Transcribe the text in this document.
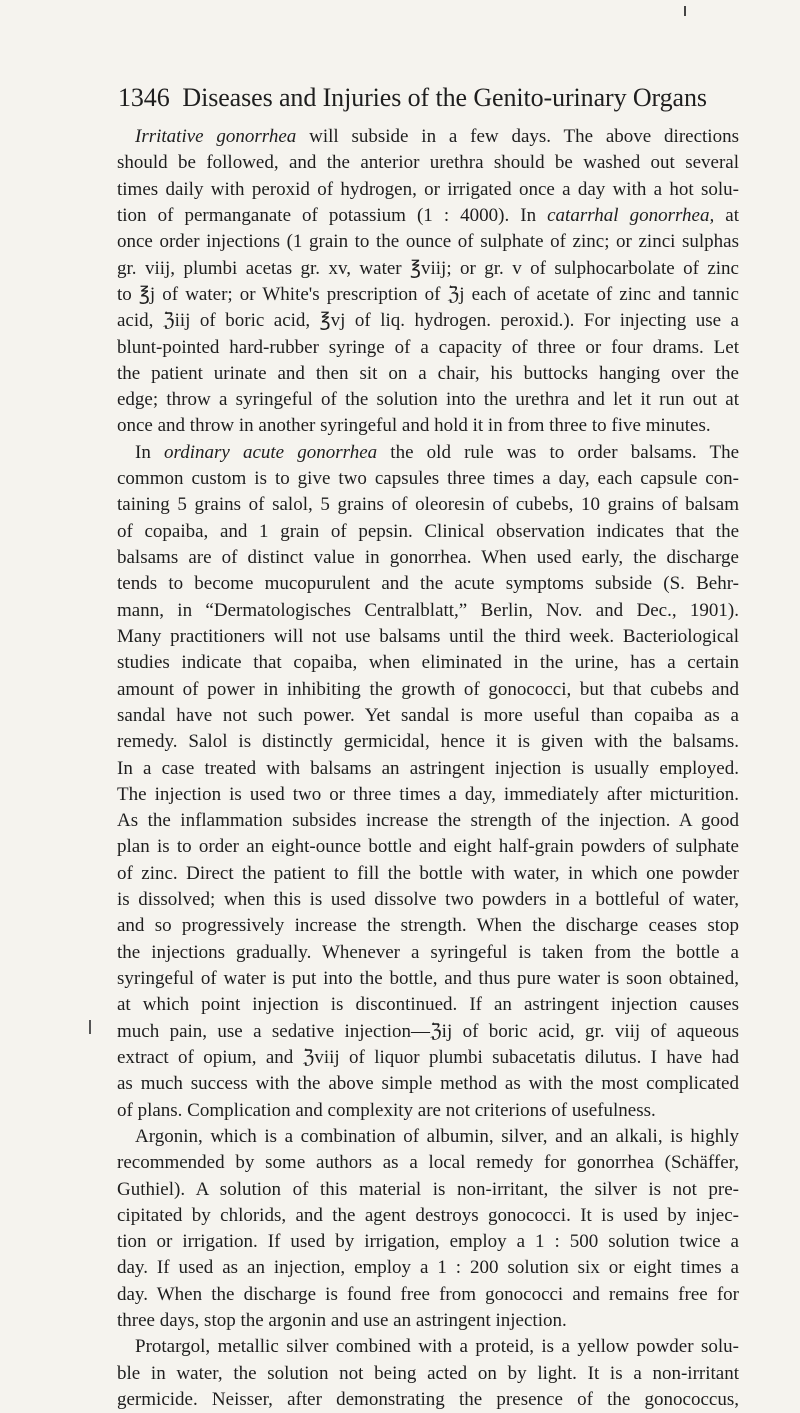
1346 Diseases and Injuries of the Genito-urinary Organs
Irritative gonorrhea will subside in a few days. The above directions
should be followed, and the anterior urethra should be washed out several
times daily with peroxid of hydrogen, or irrigated once a day with a hot solu-
tion of permanganate of potassium (1 : 4000). In catarrhal gonorrhea, at
once order injections (1 grain to the ounce of sulphate of zinc; or zinci sulphas
gr. viij, plumbi acetas gr. xv, water ℥viij; or gr. v of sulphocarbolate of zinc
to ℥j of water; or White's prescription of ℨj each of acetate of zinc and tannic
acid, ℨiij of boric acid, ℥vj of liq. hydrogen. peroxid.). For injecting use a
blunt-pointed hard-rubber syringe of a capacity of three or four drams. Let
the patient urinate and then sit on a chair, his buttocks hanging over the
edge; throw a syringeful of the solution into the urethra and let it run out at
once and throw in another syringeful and hold it in from three to five minutes.
In ordinary acute gonorrhea the old rule was to order balsams. The
common custom is to give two capsules three times a day, each capsule con-
taining 5 grains of salol, 5 grains of oleoresin of cubebs, 10 grains of balsam
of copaiba, and 1 grain of pepsin. Clinical observation indicates that the
balsams are of distinct value in gonorrhea. When used early, the discharge
tends to become mucopurulent and the acute symptoms subside (S. Behr-
mann, in “Dermatologisches Centralblatt,” Berlin, Nov. and Dec., 1901).
Many practitioners will not use balsams until the third week. Bacteriological
studies indicate that copaiba, when eliminated in the urine, has a certain
amount of power in inhibiting the growth of gonococci, but that cubebs and
sandal have not such power. Yet sandal is more useful than copaiba as a
remedy. Salol is distinctly germicidal, hence it is given with the balsams.
In a case treated with balsams an astringent injection is usually employed.
The injection is used two or three times a day, immediately after micturition.
As the inflammation subsides increase the strength of the injection. A good
plan is to order an eight-ounce bottle and eight half-grain powders of sulphate
of zinc. Direct the patient to fill the bottle with water, in which one powder
is dissolved; when this is used dissolve two powders in a bottleful of water,
and so progressively increase the strength. When the discharge ceases stop
the injections gradually. Whenever a syringeful is taken from the bottle a
syringeful of water is put into the bottle, and thus pure water is soon obtained,
at which point injection is discontinued. If an astringent injection causes
much pain, use a sedative injection—ℨij of boric acid, gr. viij of aqueous
extract of opium, and ℨviij of liquor plumbi subacetatis dilutus. I have had
as much success with the above simple method as with the most complicated
of plans. Complication and complexity are not criterions of usefulness.
Argonin, which is a combination of albumin, silver, and an alkali, is highly
recommended by some authors as a local remedy for gonorrhea (Schäffer,
Guthiel). A solution of this material is non-irritant, the silver is not pre-
cipitated by chlorids, and the agent destroys gonococci. It is used by injec-
tion or irrigation. If used by irrigation, employ a 1 : 500 solution twice a
day. If used as an injection, employ a 1 : 200 solution six or eight times a
day. When the discharge is found free from gonococci and remains free for
three days, stop the argonin and use an astringent injection.
Protargol, metallic silver combined with a proteid, is a yellow powder solu-
ble in water, the solution not being acted on by light. It is a non-irritant
germicide. Neisser, after demonstrating the presence of the gonococcus,
